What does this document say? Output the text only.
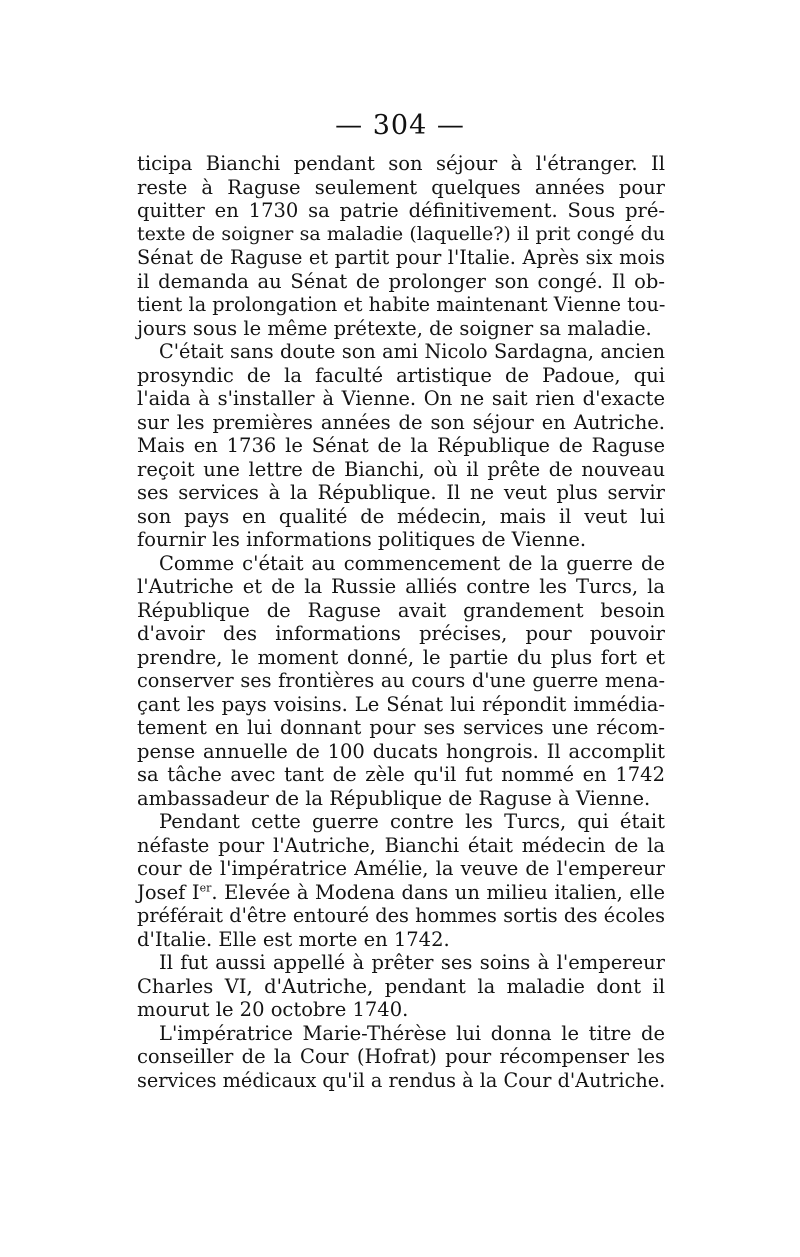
— 304 —
ticipa Bianchi pendant son séjour à l'étranger. Il
reste à Raguse seulement quelques années pour
quitter en 1730 sa patrie définitivement. Sous pré-
texte de soigner sa maladie (laquelle?) il prit congé du
Sénat de Raguse et partit pour l'Italie. Après six mois
il demanda au Sénat de prolonger son congé. Il ob-
tient la prolongation et habite maintenant Vienne tou-
jours sous le même prétexte, de soigner sa maladie.
C'était sans doute son ami Nicolo Sardagna, ancien
prosyndic de la faculté artistique de Padoue, qui
l'aida à s'installer à Vienne. On ne sait rien d'exacte
sur les premières années de son séjour en Autriche.
Mais en 1736 le Sénat de la République de Raguse
reçoit une lettre de Bianchi, où il prête de nouveau
ses services à la République. Il ne veut plus servir
son pays en qualité de médecin, mais il veut lui
fournir les informations politiques de Vienne.
Comme c'était au commencement de la guerre de
l'Autriche et de la Russie alliés contre les Turcs, la
République de Raguse avait grandement besoin
d'avoir des informations précises, pour pouvoir
prendre, le moment donné, le partie du plus fort et
conserver ses frontières au cours d'une guerre mena-
çant les pays voisins. Le Sénat lui répondit immédia-
tement en lui donnant pour ses services une récom-
pense annuelle de 100 ducats hongrois. Il accomplit
sa tâche avec tant de zèle qu'il fut nommé en 1742
ambassadeur de la République de Raguse à Vienne.
Pendant cette guerre contre les Turcs, qui était
néfaste pour l'Autriche, Bianchi était médecin de la
cour de l'impératrice Amélie, la veuve de l'empereur
Josef Ier. Elevée à Modena dans un milieu italien, elle
préférait d'être entouré des hommes sortis des écoles
d'Italie. Elle est morte en 1742.
Il fut aussi appellé à prêter ses soins à l'empereur
Charles VI, d'Autriche, pendant la maladie dont il
mourut le 20 octobre 1740.
L'impératrice Marie-Thérèse lui donna le titre de
conseiller de la Cour (Hofrat) pour récompenser les
services médicaux qu'il a rendus à la Cour d'Autriche.
